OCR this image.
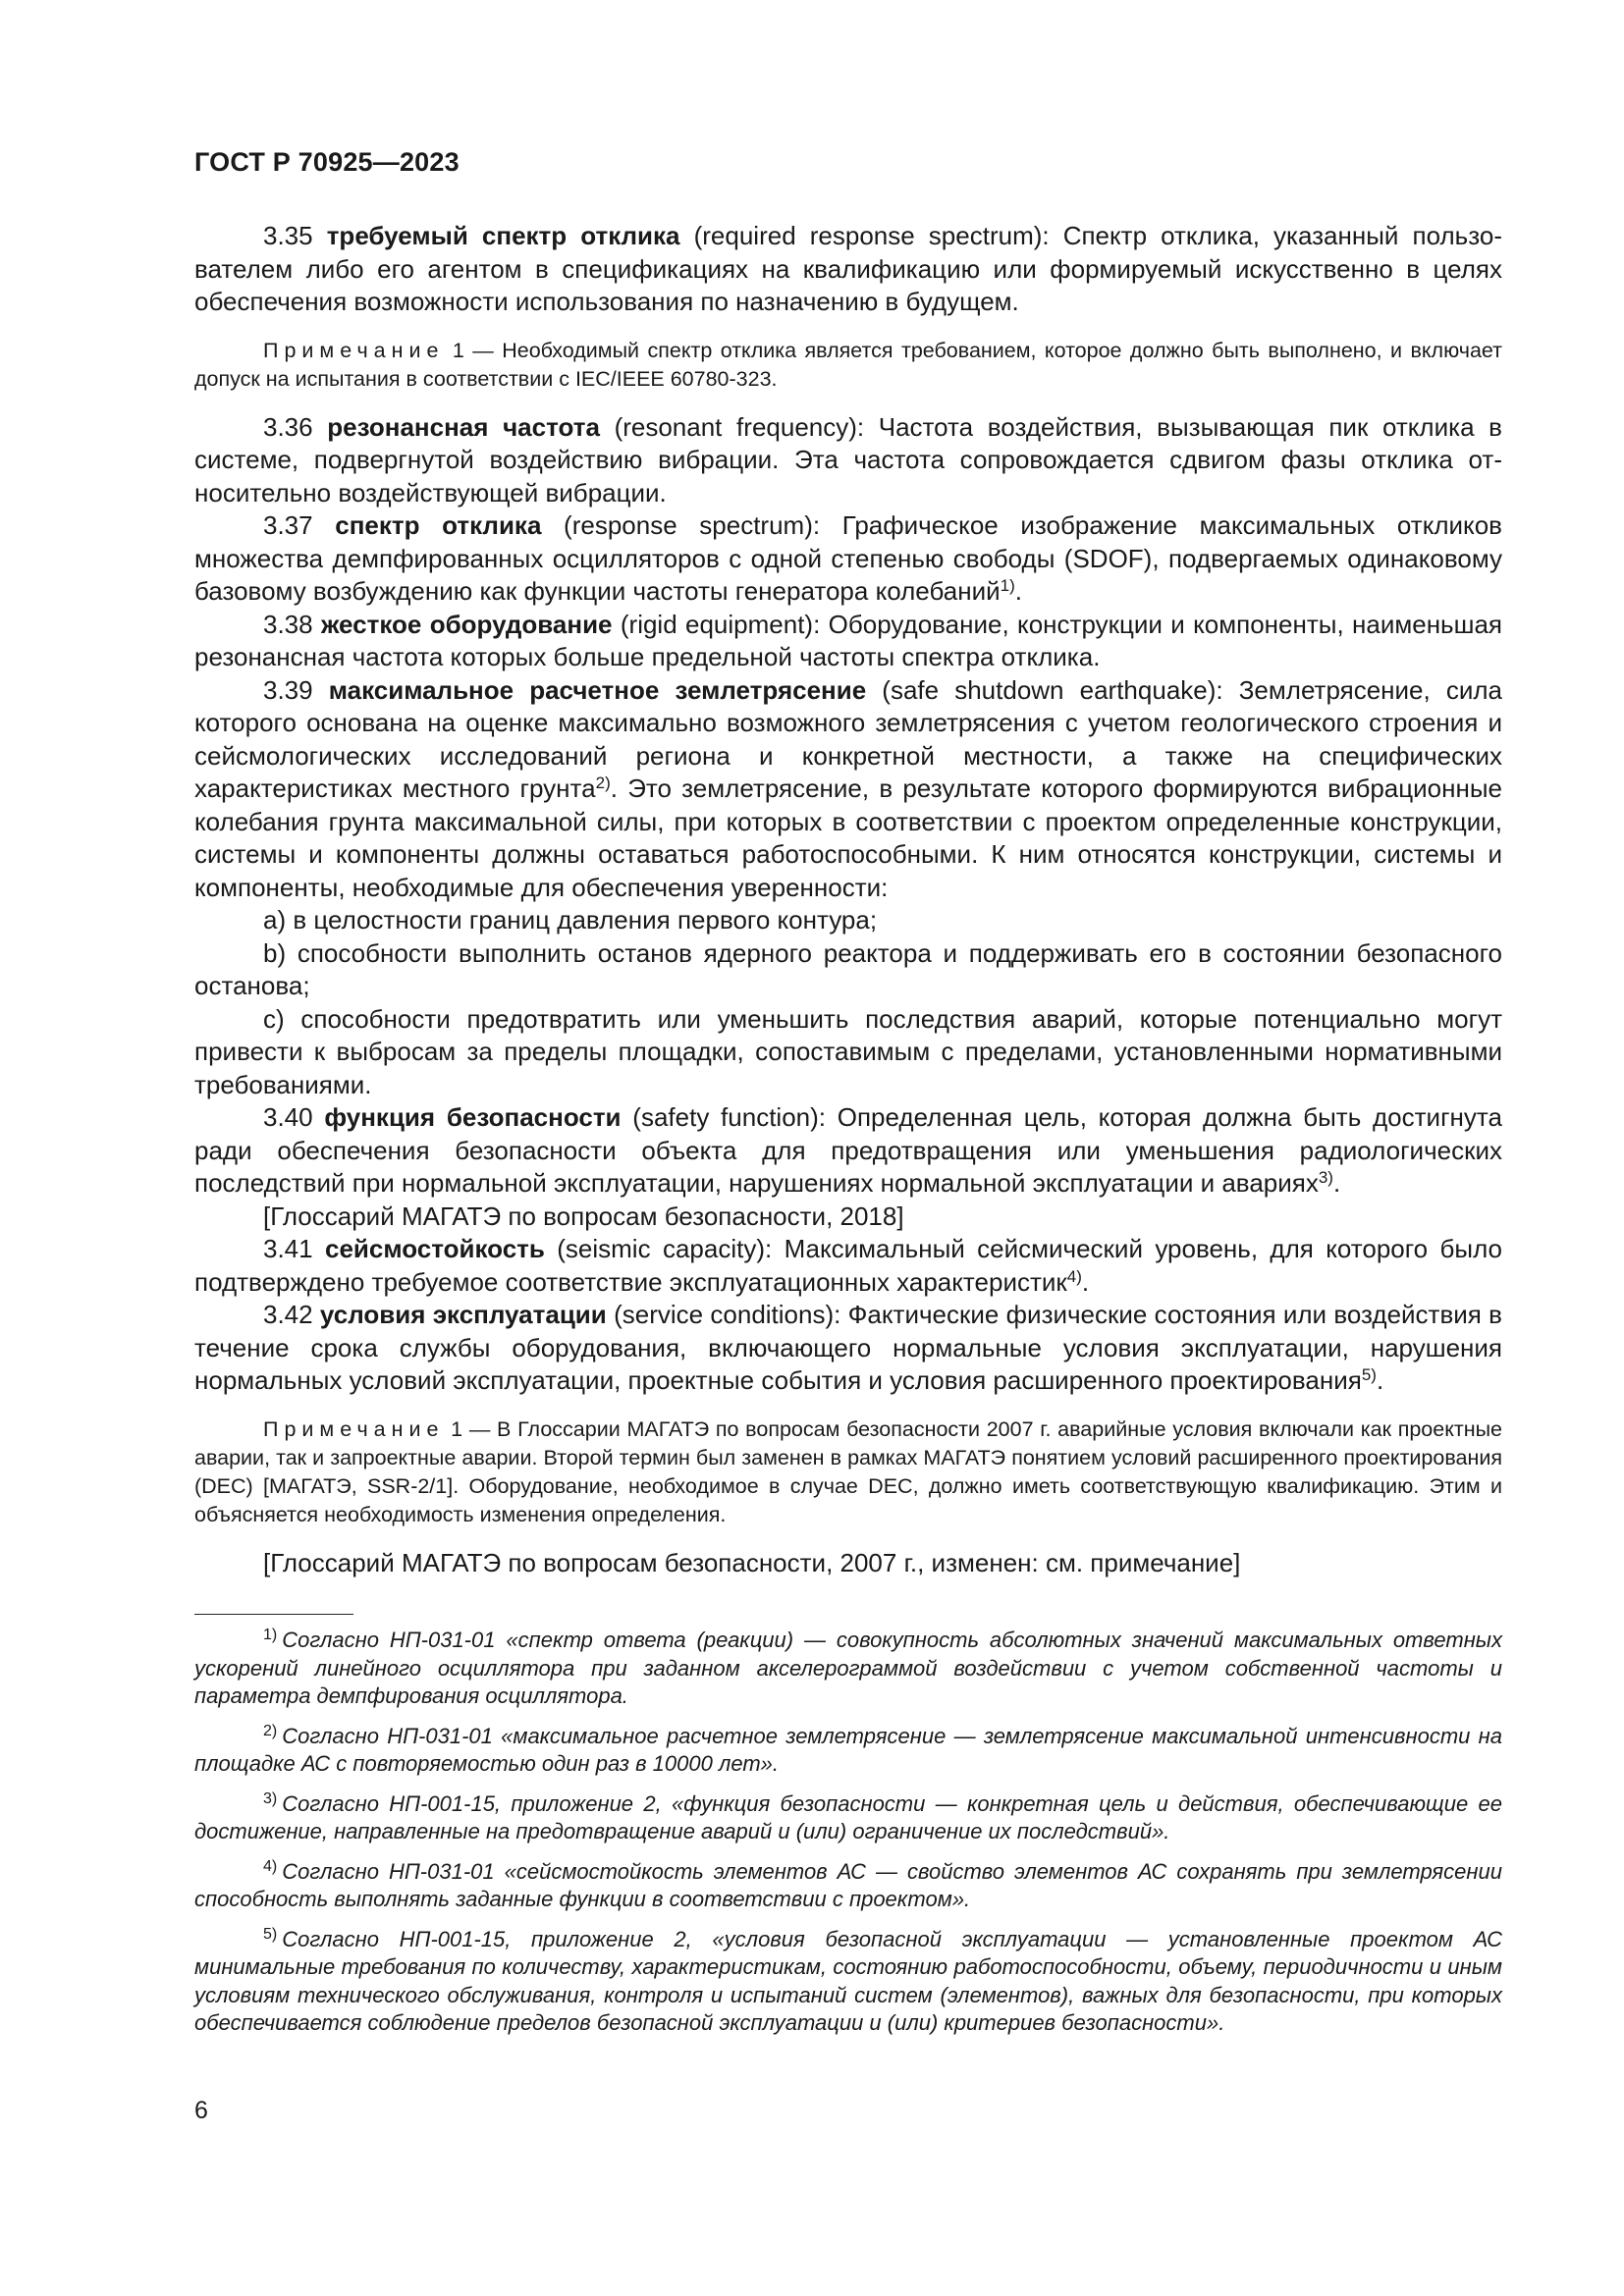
ГОСТ Р 70925—2023

3.35 требуемый спектр отклика (required response spectrum): Спектр отклика, указанный пользователем либо его агентом в спецификациях на квалификацию или формируемый искусственно в целях обеспечения возможности использования по назначению в будущем.

Примечание 1 — Необходимый спектр отклика является требованием, которое должно быть выполнено, и включает допуск на испытания в соответствии с IEC/IEEE 60780-323.

3.36 резонансная частота (resonant frequency): Частота воздействия, вызывающая пик отклика в системе, подвергнутой воздействию вибрации. Эта частота сопровождается сдвигом фазы отклика относительно воздействующей вибрации.

3.37 спектр отклика (response spectrum): Графическое изображение максимальных откликов множества демпфированных осцилляторов с одной степенью свободы (SDOF), подвергаемых одинаковому базовому возбуждению как функции частоты генератора колебаний$^{1)}$.

3.38 жесткое оборудование (rigid equipment): Оборудование, конструкции и компоненты, наименьшая резонансная частота которых больше предельной частоты спектра отклика.

3.39 максимальное расчетное землетрясение (safe shutdown earthquake): Землетрясение, сила которого основана на оценке максимально возможного землетрясения с учетом геологического строения и сейсмологических исследований региона и конкретной местности, а также на специфических характеристиках местного грунта$^{2)}$. Это землетрясение, в результате которого формируются вибрационные колебания грунта максимальной силы, при которых в соответствии с проектом определенные конструкции, системы и компоненты должны оставаться работоспособными. К ним относятся конструкции, системы и компоненты, необходимые для обеспечения уверенности:

a) в целостности границ давления первого контура;

b) способности выполнить останов ядерного реактора и поддерживать его в состоянии безопасного останова;

c) способности предотвратить или уменьшить последствия аварий, которые потенциально могут привести к выбросам за пределы площадки, сопоставимым с пределами, установленными нормативными требованиями.

3.40 функция безопасности (safety function): Определенная цель, которая должна быть достигнута ради обеспечения безопасности объекта для предотвращения или уменьшения радиологических последствий при нормальной эксплуатации, нарушениях нормальной эксплуатации и авариях$^{3)}$.

[Глоссарий МАГАТЭ по вопросам безопасности, 2018]

3.41 сейсмостойкость (seismic capacity): Максимальный сейсмический уровень, для которого было подтверждено требуемое соответствие эксплуатационных характеристик$^{4)}$.

3.42 условия эксплуатации (service conditions): Фактические физические состояния или воздействия в течение срока службы оборудования, включающего нормальные условия эксплуатации, нарушения нормальных условий эксплуатации, проектные события и условия расширенного проектирования$^{5)}$.

Примечание 1 — В Глоссарии МАГАТЭ по вопросам безопасности 2007 г. аварийные условия включали как проектные аварии, так и запроектные аварии. Второй термин был заменен в рамках МАГАТЭ понятием условий расширенного проектирования (DEC) [МАГАТЭ, SSR-2/1]. Оборудование, необходимое в случае DEC, должно иметь соответствующую квалификацию. Этим и объясняется необходимость изменения определения.

[Глоссарий МАГАТЭ по вопросам безопасности, 2007 г., изменен: см. примечание]

$^{1)}$ Согласно НП-031-01 «спектр ответа (реакции) — совокупность абсолютных значений максимальных ответных ускорений линейного осциллятора при заданном акселерограммой воздействии с учетом собственной частоты и параметра демпфирования осциллятора.

$^{2)}$ Согласно НП-031-01 «максимальное расчетное землетрясение — землетрясение максимальной интенсивности на площадке АС с повторяемостью один раз в 10000 лет».

$^{3)}$ Согласно НП-001-15, приложение 2, «функция безопасности — конкретная цель и действия, обеспечивающие ее достижение, направленные на предотвращение аварий и (или) ограничение их последствий».

$^{4)}$ Согласно НП-031-01 «сейсмостойкость элементов АС — свойство элементов АС сохранять при землетрясении способность выполнять заданные функции в соответствии с проектом».

$^{5)}$ Согласно НП-001-15, приложение 2, «условия безопасной эксплуатации — установленные проектом АС минимальные требования по количеству, характеристикам, состоянию работоспособности, объему, периодичности и иным условиям технического обслуживания, контроля и испытаний систем (элементов), важных для безопасности, при которых обеспечивается соблюдение пределов безопасной эксплуатации и (или) критериев безопасности».

6
